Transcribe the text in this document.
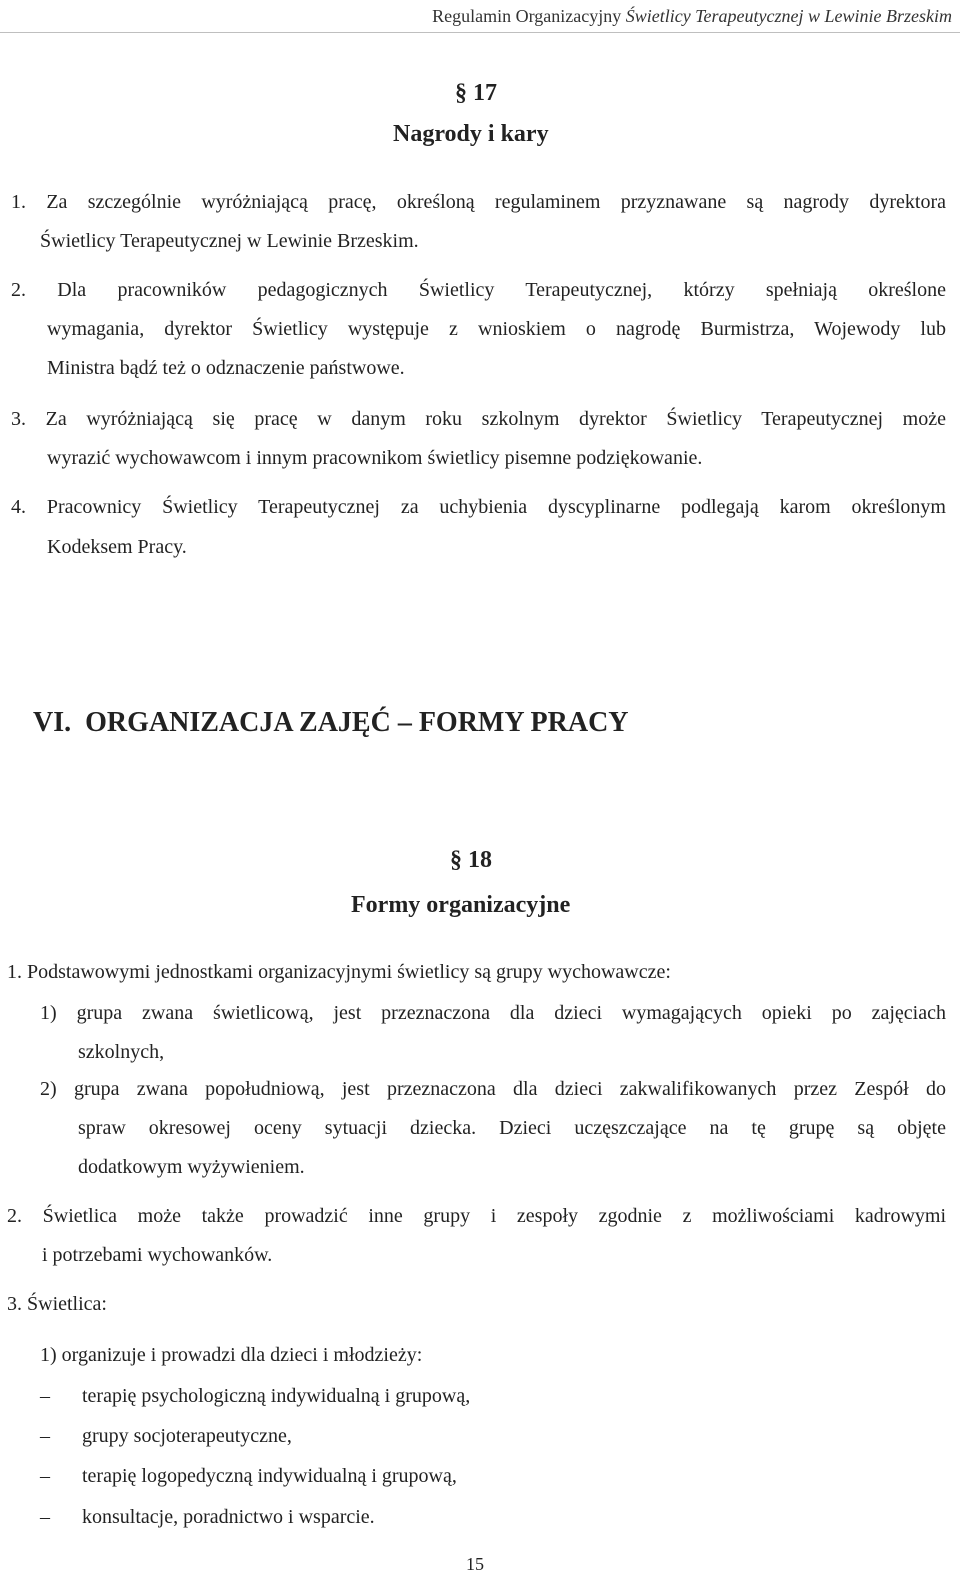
Regulamin Organizacyjny Świetlicy Terapeutycznej w Lewinie Brzeskim
§ 17
Nagrody i kary
1. Za szczególnie wyróżniającą pracę, określoną regulaminem przyznawane są nagrody dyrektora
Świetlicy Terapeutycznej w Lewinie Brzeskim.
2. Dla pracowników pedagogicznych Świetlicy Terapeutycznej, którzy spełniają określone
wymagania, dyrektor Świetlicy występuje z wnioskiem o nagrodę Burmistrza, Wojewody lub
Ministra bądź też o odznaczenie państwowe.
3. Za wyróżniającą się pracę w danym roku szkolnym dyrektor Świetlicy Terapeutycznej może
wyrazić wychowawcom i innym pracownikom świetlicy pisemne podziękowanie.
4. Pracownicy Świetlicy Terapeutycznej za uchybienia dyscyplinarne podlegają karom określonym
Kodeksem Pracy.
VI.  ORGANIZACJA ZAJĘĆ – FORMY PRACY
§ 18
Formy organizacyjne
1. Podstawowymi jednostkami organizacyjnymi świetlicy są grupy wychowawcze:
1) grupa zwana świetlicową, jest przeznaczona dla dzieci wymagających opieki po zajęciach
szkolnych,
2) grupa zwana popołudniową, jest przeznaczona dla dzieci zakwalifikowanych przez Zespół do
spraw okresowej oceny sytuacji dziecka. Dzieci uczęszczające na tę grupę są objęte
dodatkowym wyżywieniem.
2. Świetlica może także prowadzić inne grupy i zespoły zgodnie z możliwościami kadrowymi
i potrzebami wychowanków.
3. Świetlica:
1) organizuje i prowadzi dla dzieci i młodzieży:
– terapię psychologiczną indywidualną i grupową,
– grupy socjoterapeutyczne,
– terapię logopedyczną indywidualną i grupową,
– konsultacje, poradnictwo i wsparcie.
15
